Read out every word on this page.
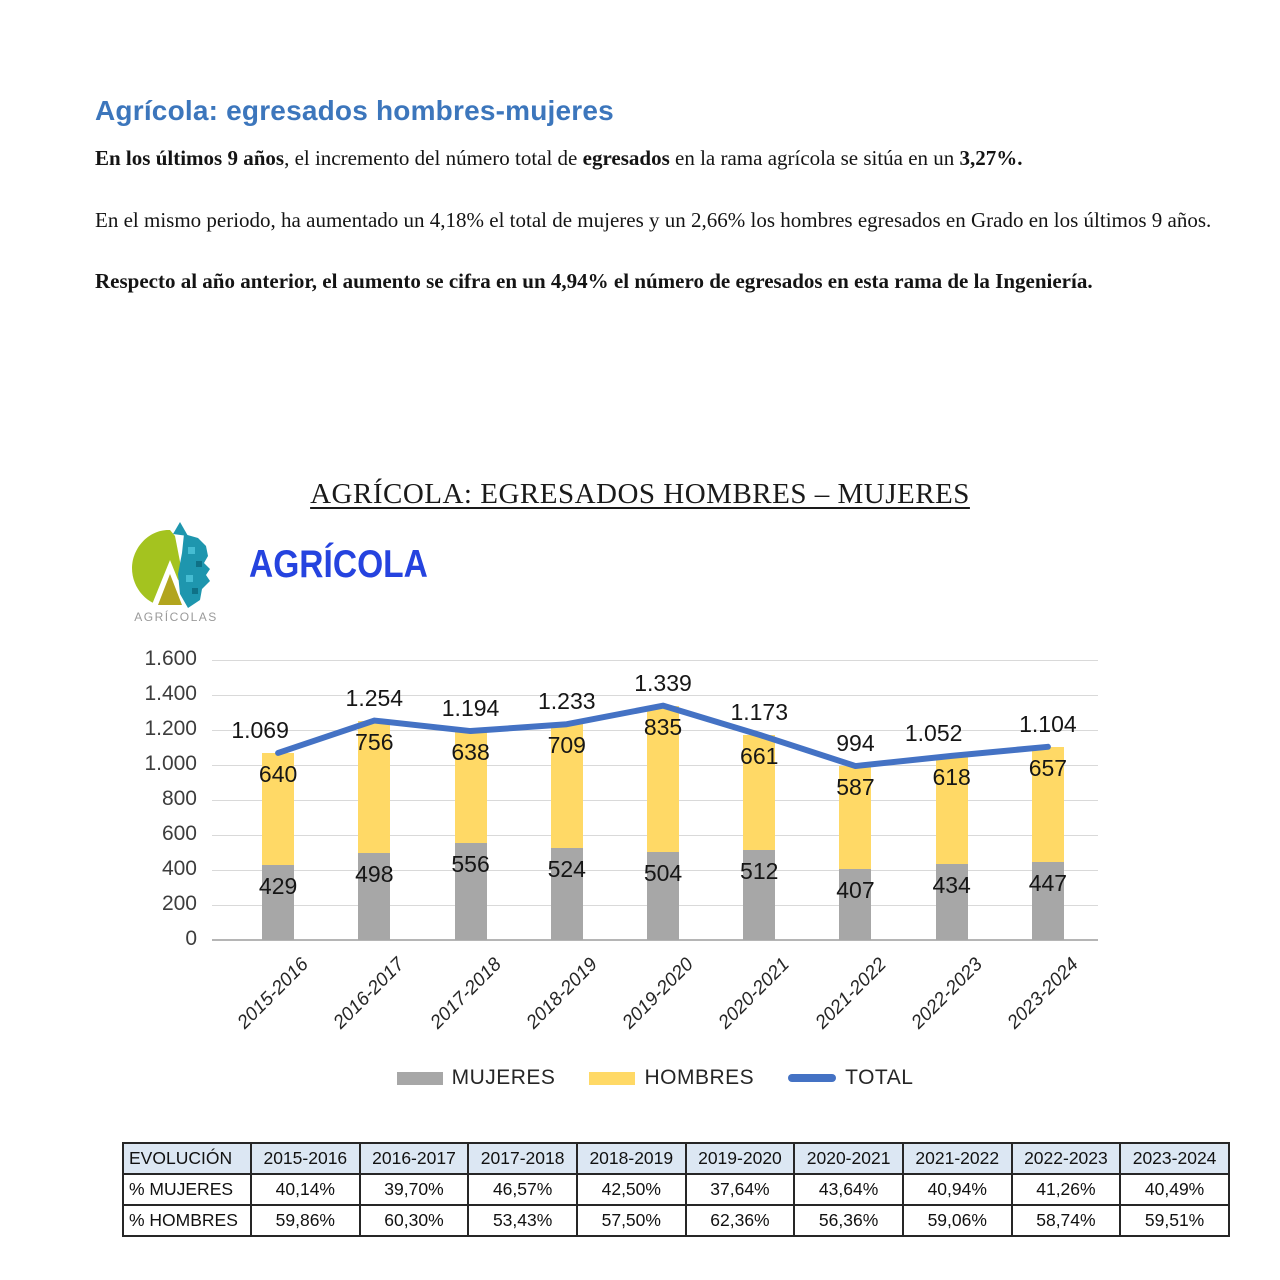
Agrícola: egresados hombres-mujeres

En los últimos 9 años, el incremento del número total de egresados en la rama agrícola se sitúa en un 3,27%.

En el mismo periodo, ha aumentado un 4,18% el total de mujeres y un 2,66% los hombres egresados en Grado en los últimos 9 años.

Respecto al año anterior, el aumento se cifra en un 4,94% el número de egresados en esta rama de la Ingeniería.

AGRÍCOLA: EGRESADOS HOMBRES – MUJERES
AGRÍCOLAS
AGRÍCOLA
0
200
400
600
800
1.000
1.200
1.400
1.600
429
640
2015-2016
498
756
2016-2017
556
638
2017-2018
524
709
2018-2019
504
835
2019-2020
512
661
2020-2021
407
587
2021-2022
434
618
2022-2023
447
657
2023-2024
1.069
1.254	1.194	1.233
1.339
1.173
994	1.052	1.104
MUJERES	HOMBRES	TOTAL
EVOLUCIÓN	2015-2016	2016-2017	2017-2018	2018-2019	2019-2020	2020-2021	2021-2022	2022-2023	2023-2024
% MUJERES	40,14%	39,70%	46,57%	42,50%	37,64%	43,64%	40,94%	41,26%	40,49%
% HOMBRES	59,86%	60,30%	53,43%	57,50%	62,36%	56,36%	59,06%	58,74%	59,51%
